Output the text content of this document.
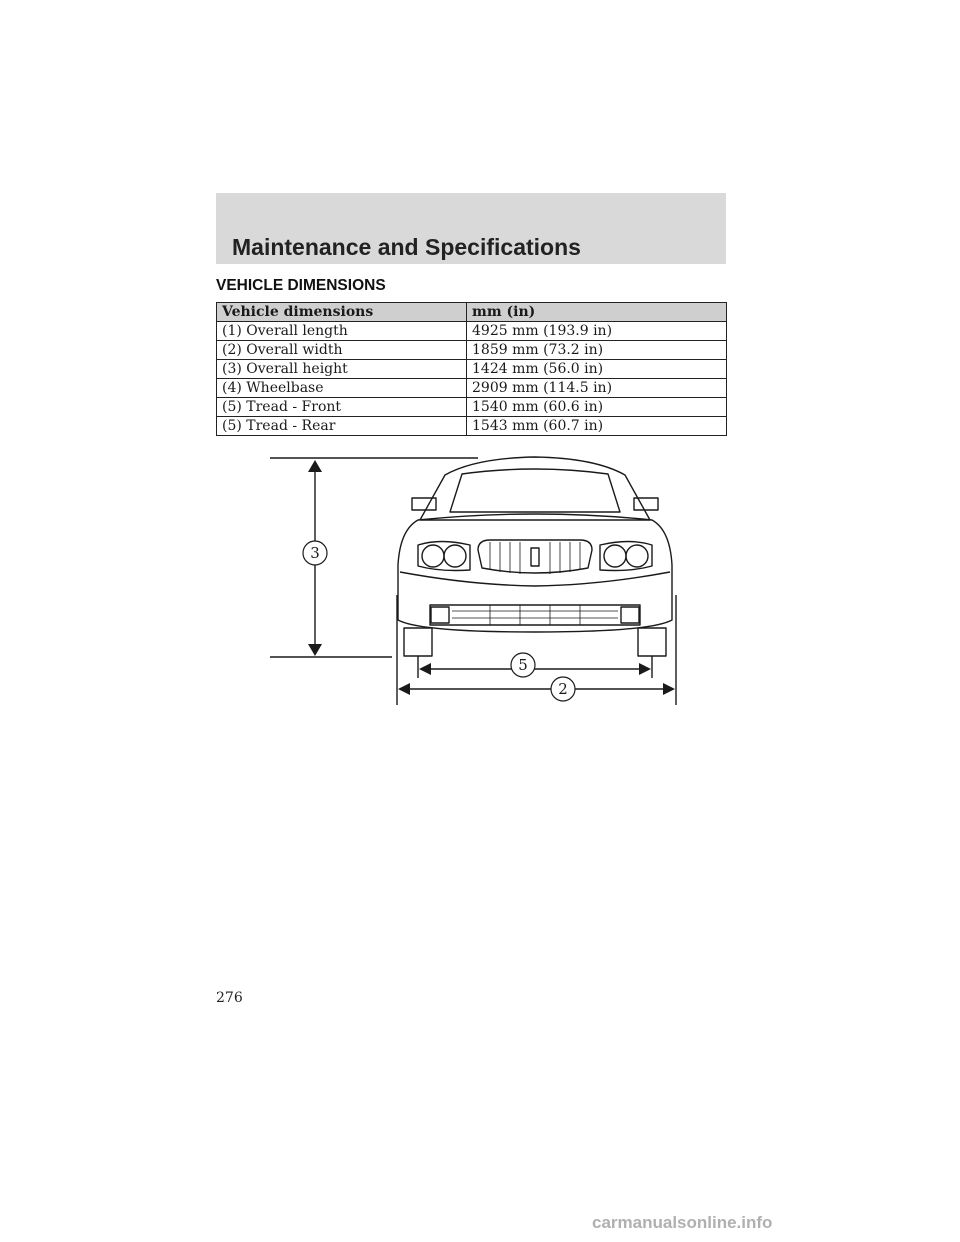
Maintenance and Specifications
VEHICLE DIMENSIONS
Vehicle dimensions	mm (in)
(1) Overall length	4925 mm (193.9 in)
(2) Overall width	1859 mm (73.2 in)
(3) Overall height	1424 mm (56.0 in)
(4) Wheelbase	2909 mm (114.5 in)
(5) Tread - Front	1540 mm (60.6 in)
(5) Tread - Rear	1543 mm (60.7 in)
3
5
2
276
carmanualsonline.info
